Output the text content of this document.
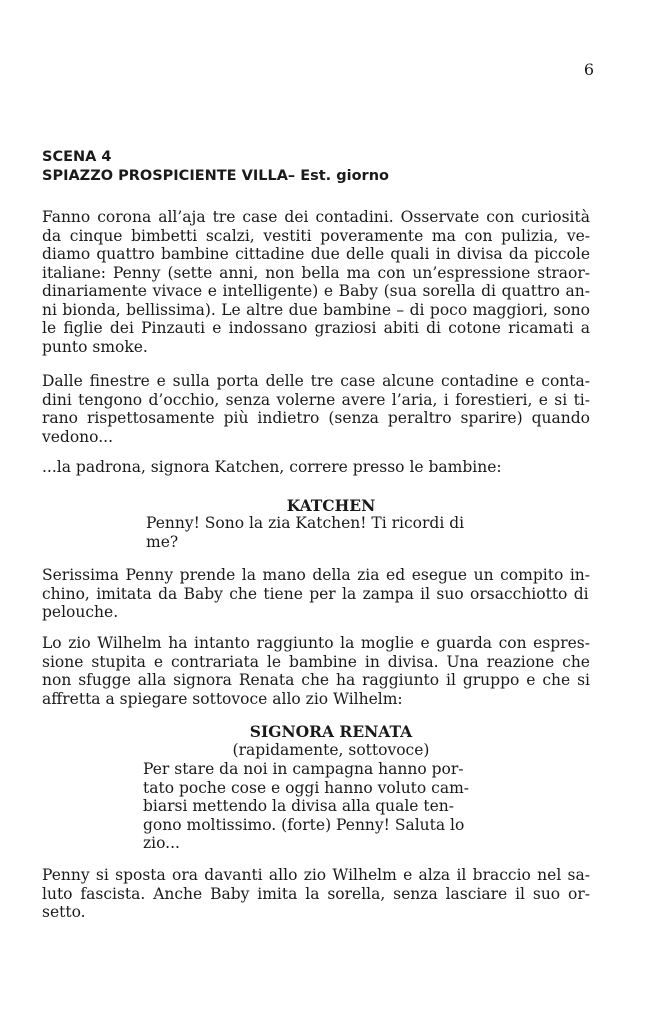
6
SCENA 4
SPIAZZO PROSPICIENTE VILLA– Est. giorno
Fanno corona all’aja tre case dei contadini. Osservate con curiosità
da cinque bimbetti scalzi, vestiti poveramente ma con pulizia, ve-
diamo quattro bambine cittadine due delle quali in divisa da piccole
italiane: Penny (sette anni, non bella ma con un’espressione straor-
dinariamente vivace e intelligente) e Baby (sua sorella di quattro an-
ni bionda, bellissima). Le altre due bambine – di poco maggiori, sono
le figlie dei Pinzauti e indossano graziosi abiti di cotone ricamati a
punto smoke.
Dalle finestre e sulla porta delle tre case alcune contadine e conta-
dini tengono d’occhio, senza volerne avere l’aria, i forestieri, e si ti-
rano rispettosamente più indietro (senza peraltro sparire) quando
vedono...
...la padrona, signora Katchen, correre presso le bambine:
KATCHEN
Penny! Sono la zia Katchen! Ti ricordi di
me?
Serissima Penny prende la mano della zia ed esegue un compito in-
chino, imitata da Baby che tiene per la zampa il suo orsacchiotto di
pelouche.
Lo zio Wilhelm ha intanto raggiunto la moglie e guarda con espres-
sione stupita e contrariata le bambine in divisa. Una reazione che
non sfugge alla signora Renata che ha raggiunto il gruppo e che si
affretta a spiegare sottovoce allo zio Wilhelm:
SIGNORA RENATA
(rapidamente, sottovoce)
Per stare da noi in campagna hanno por-
tato poche cose e oggi hanno voluto cam-
biarsi mettendo la divisa alla quale ten-
gono moltissimo. (forte) Penny! Saluta lo
zio...
Penny si sposta ora davanti allo zio Wilhelm e alza il braccio nel sa-
luto fascista. Anche Baby imita la sorella, senza lasciare il suo or-
setto.
